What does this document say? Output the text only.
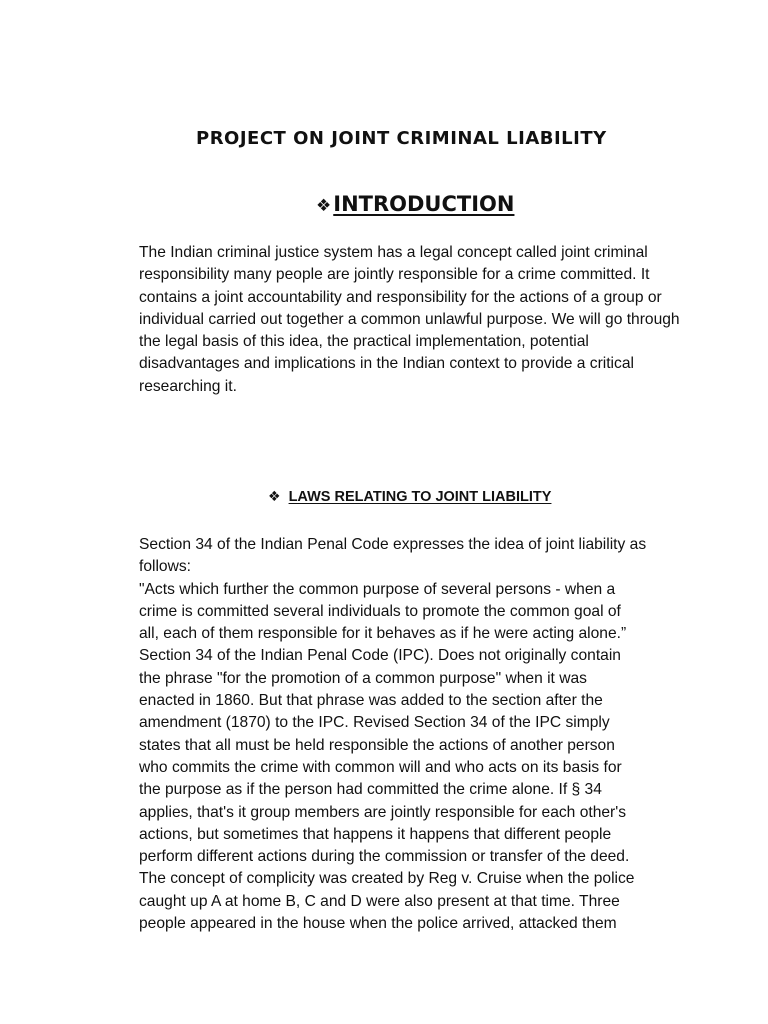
PROJECT ON JOINT CRIMINAL LIABILITY
❖INTRODUCTION

The Indian criminal justice system has a legal concept called joint criminal responsibility many people are jointly responsible for a crime committed. It contains a joint accountability and responsibility for the actions of a group or individual carried out together a common unlawful purpose. We will go through the legal basis of this idea, the practical implementation, potential disadvantages and implications in the Indian context to provide a critical researching it.

❖ LAWS RELATING TO JOINT LIABILITY
Section 34 of the Indian Penal Code expresses the idea of joint liability as
follows:
"Acts which further the common purpose of several persons - when a
crime is committed several individuals to promote the common goal of
all, each of them responsible for it behaves as if he were acting alone.”
Section 34 of the Indian Penal Code (IPC). Does not originally contain
the phrase "for the promotion of a common purpose" when it was
enacted in 1860. But that phrase was added to the section after the
amendment (1870) to the IPC. Revised Section 34 of the IPC simply
states that all must be held responsible the actions of another person
who commits the crime with common will and who acts on its basis for
the purpose as if the person had committed the crime alone. If § 34
applies, that's it group members are jointly responsible for each other's
actions, but sometimes that happens it happens that different people
perform different actions during the commission or transfer of the deed.
The concept of complicity was created by Reg v. Cruise when the police
caught up A at home B, C and D were also present at that time. Three
people appeared in the house when the police arrived, attacked them
